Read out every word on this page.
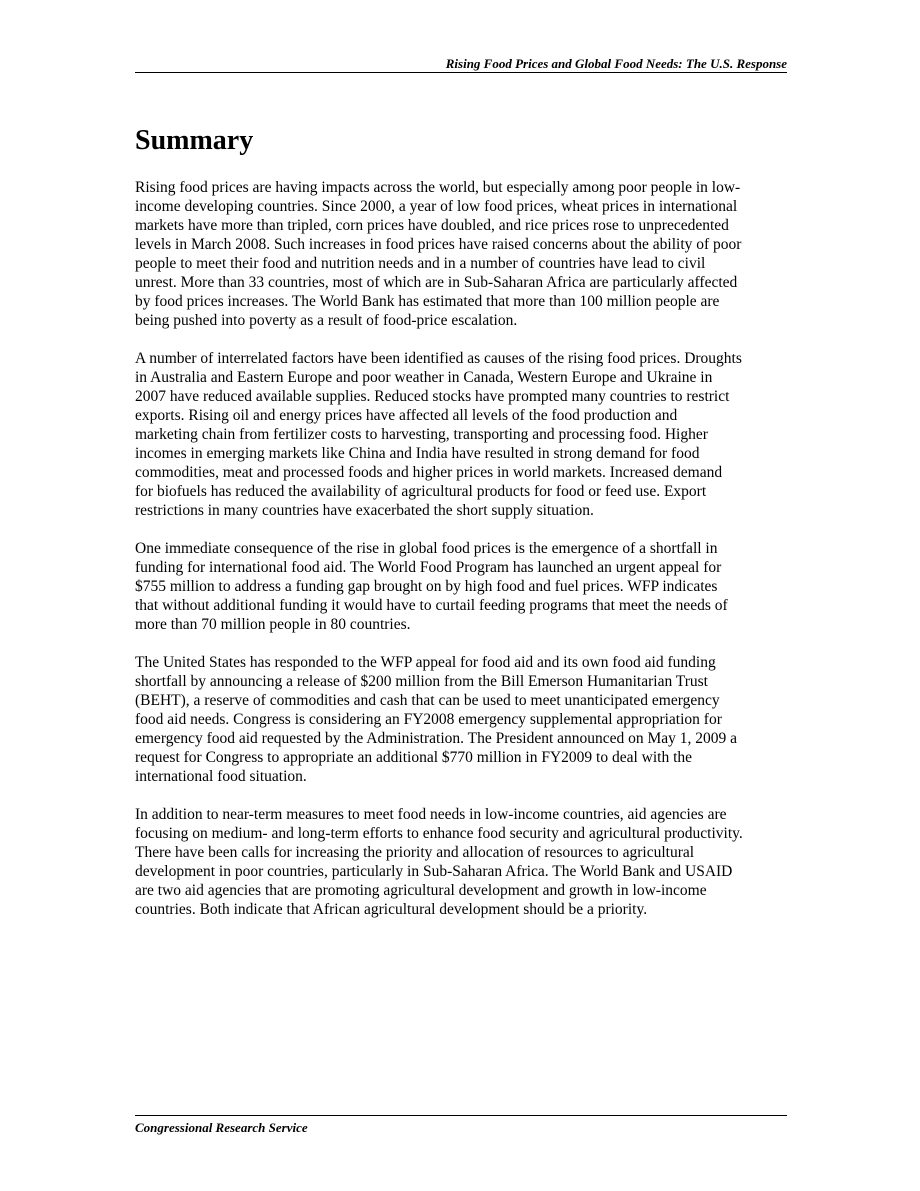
Rising Food Prices and Global Food Needs: The U.S. Response
Summary

Rising food prices are having impacts across the world, but especially among poor people in low-
income developing countries. Since 2000, a year of low food prices, wheat prices in international
markets have more than tripled, corn prices have doubled, and rice prices rose to unprecedented
levels in March 2008. Such increases in food prices have raised concerns about the ability of poor
people to meet their food and nutrition needs and in a number of countries have lead to civil
unrest. More than 33 countries, most of which are in Sub-Saharan Africa are particularly affected
by food prices increases. The World Bank has estimated that more than 100 million people are
being pushed into poverty as a result of food-price escalation.

A number of interrelated factors have been identified as causes of the rising food prices. Droughts
in Australia and Eastern Europe and poor weather in Canada, Western Europe and Ukraine in
2007 have reduced available supplies. Reduced stocks have prompted many countries to restrict
exports. Rising oil and energy prices have affected all levels of the food production and
marketing chain from fertilizer costs to harvesting, transporting and processing food. Higher
incomes in emerging markets like China and India have resulted in strong demand for food
commodities, meat and processed foods and higher prices in world markets. Increased demand
for biofuels has reduced the availability of agricultural products for food or feed use. Export
restrictions in many countries have exacerbated the short supply situation.

One immediate consequence of the rise in global food prices is the emergence of a shortfall in
funding for international food aid. The World Food Program has launched an urgent appeal for
$755 million to address a funding gap brought on by high food and fuel prices. WFP indicates
that without additional funding it would have to curtail feeding programs that meet the needs of
more than 70 million people in 80 countries.

The United States has responded to the WFP appeal for food aid and its own food aid funding
shortfall by announcing a release of $200 million from the Bill Emerson Humanitarian Trust
(BEHT), a reserve of commodities and cash that can be used to meet unanticipated emergency
food aid needs. Congress is considering an FY2008 emergency supplemental appropriation for
emergency food aid requested by the Administration. The President announced on May 1, 2009 a
request for Congress to appropriate an additional $770 million in FY2009 to deal with the
international food situation.

In addition to near-term measures to meet food needs in low-income countries, aid agencies are
focusing on medium- and long-term efforts to enhance food security and agricultural productivity.
There have been calls for increasing the priority and allocation of resources to agricultural
development in poor countries, particularly in Sub-Saharan Africa. The World Bank and USAID
are two aid agencies that are promoting agricultural development and growth in low-income
countries. Both indicate that African agricultural development should be a priority.

Congressional Research Service
